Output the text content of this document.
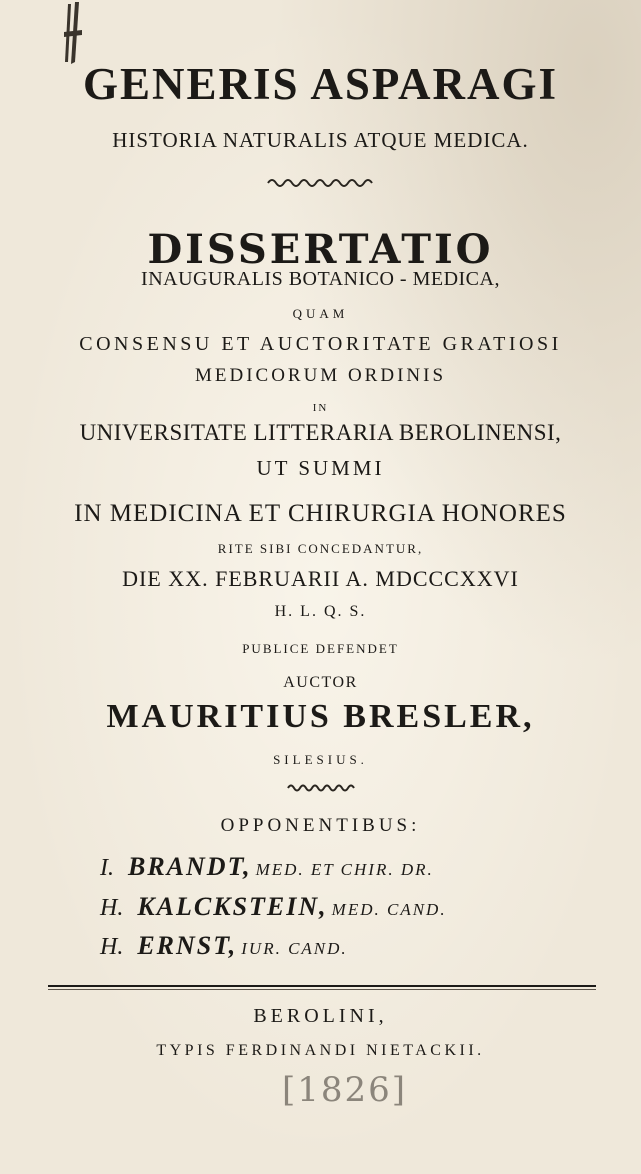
GENERIS ASPARAGI
HISTORIA NATURALIS ATQUE MEDICA.
DISSERTATIO
INAUGURALIS BOTANICO - MEDICA,
QUAM
CONSENSU ET AUCTORITATE GRATIOSI
MEDICORUM ORDINIS
IN
UNIVERSITATE LITTERARIA BEROLINENSI,
UT SUMMI
IN MEDICINA ET CHIRURGIA HONORES
RITE SIBI CONCEDANTUR,
DIE XX. FEBRUARII A. MDCCCXXVI
H. L. Q. S.
PUBLICE DEFENDET
AUCTOR
MAURITIUS BRESLER,
SILESIUS.
OPPONENTIBUS:
I. BRANDT, MED. ET CHIR. DR.
H. KALCKSTEIN, MED. CAND.
H. ERNST, IUR. CAND.
BEROLINI,
TYPIS FERDINANDI NIETACKII.
[1826]
